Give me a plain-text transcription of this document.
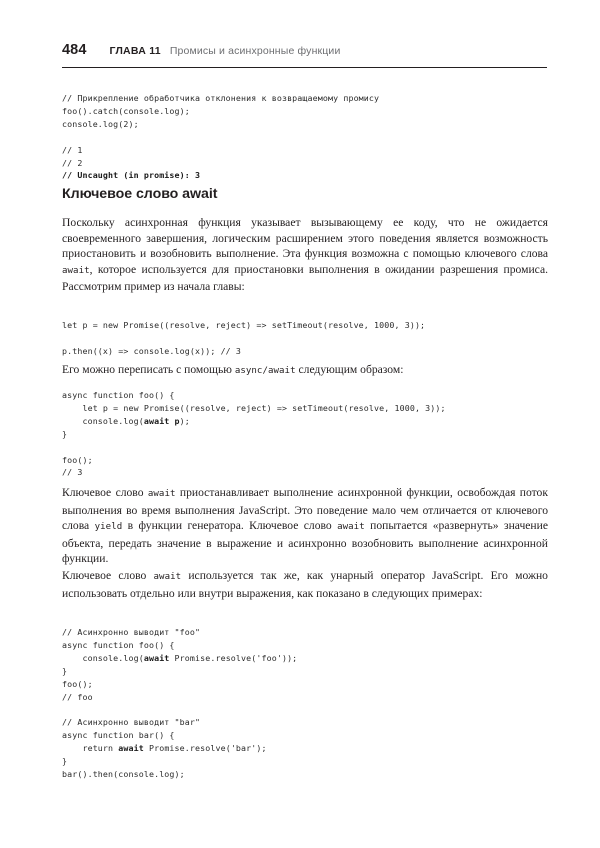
484 ГЛАВА 11 Промисы и асинхронные функции
// Прикрепление обработчика отклонения к возвращаемому промису
foo().catch(console.log);
console.log(2);

// 1
// 2
// Uncaught (in promise): 3
Ключевое слово await

Поскольку асинхронная функция указывает вызывающему ее коду, что не ожидается своевременного завершения, логическим расширением этого поведения является возможность приостановить и возобновить выполнение. Эта функция возможна с помощью ключевого слова await, которое используется для приостановки выполнения в ожидании разрешения промиса. Рассмотрим пример из начала главы:

let p = new Promise((resolve, reject) => setTimeout(resolve, 1000, 3));

p.then((x) => console.log(x)); // 3

Его можно переписать с помощью async/await следующим образом:

async function foo() {
let p = new Promise((resolve, reject) => setTimeout(resolve, 1000, 3));
console.log(await p);
}

foo();
// 3

Ключевое слово await приостанавливает выполнение асинхронной функции, освобождая поток выполнения во время выполнения JavaScript. Это поведение мало чем отличается от ключевого слова yield в функции генератора. Ключевое слово await попытается «развернуть» значение объекта, передать значение в выражение и асинхронно возобновить выполнение асинхронной функции.

Ключевое слово await используется так же, как унарный оператор JavaScript. Его можно использовать отдельно или внутри выражения, как показано в следующих примерах:

// Асинхронно выводит "foo"
async function foo() {
console.log(await Promise.resolve('foo'));
}
foo();
// foo
// Асинхронно выводит "bar"
async function bar() {
return await Promise.resolve('bar');
}
bar().then(console.log);
